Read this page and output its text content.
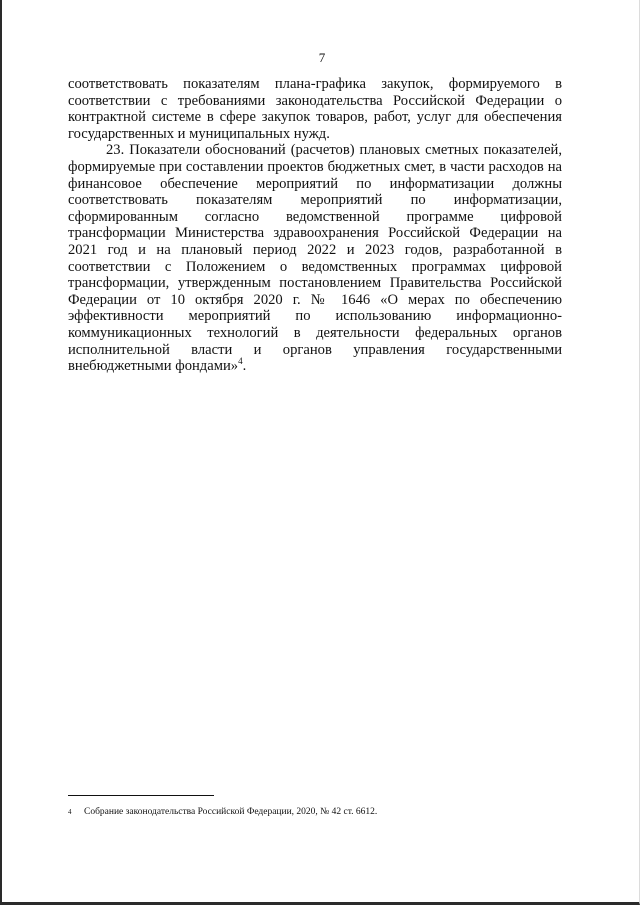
7

соответствовать показателям плана-графика закупок, формируемого в соответствии с требованиями законодательства Российской Федерации о контрактной системе в сфере закупок товаров, работ, услуг для обеспечения государственных и муниципальных нужд.

23. Показатели обоснований (расчетов) плановых сметных показателей, формируемые при составлении проектов бюджетных смет, в части расходов на финансовое обеспечение мероприятий по информатизации должны соответствовать показателям мероприятий по информатизации, сформированным согласно ведомственной программе цифровой трансформации Министерства здравоохранения Российской Федерации на 2021 год и на плановый период 2022 и 2023 годов, разработанной в соответствии с Положением о ведомственных программах цифровой трансформации, утвержденным постановлением Правительства Российской Федерации от 10 октября 2020 г. № 1646 «О мерах по обеспечению эффективности мероприятий по использованию информационно-коммуникационных технологий в деятельности федеральных органов исполнительной власти и органов управления государственными внебюджетными фондами»$^4$.

4 Собрание законодательства Российской Федерации, 2020, № 42 ст. 6612.
